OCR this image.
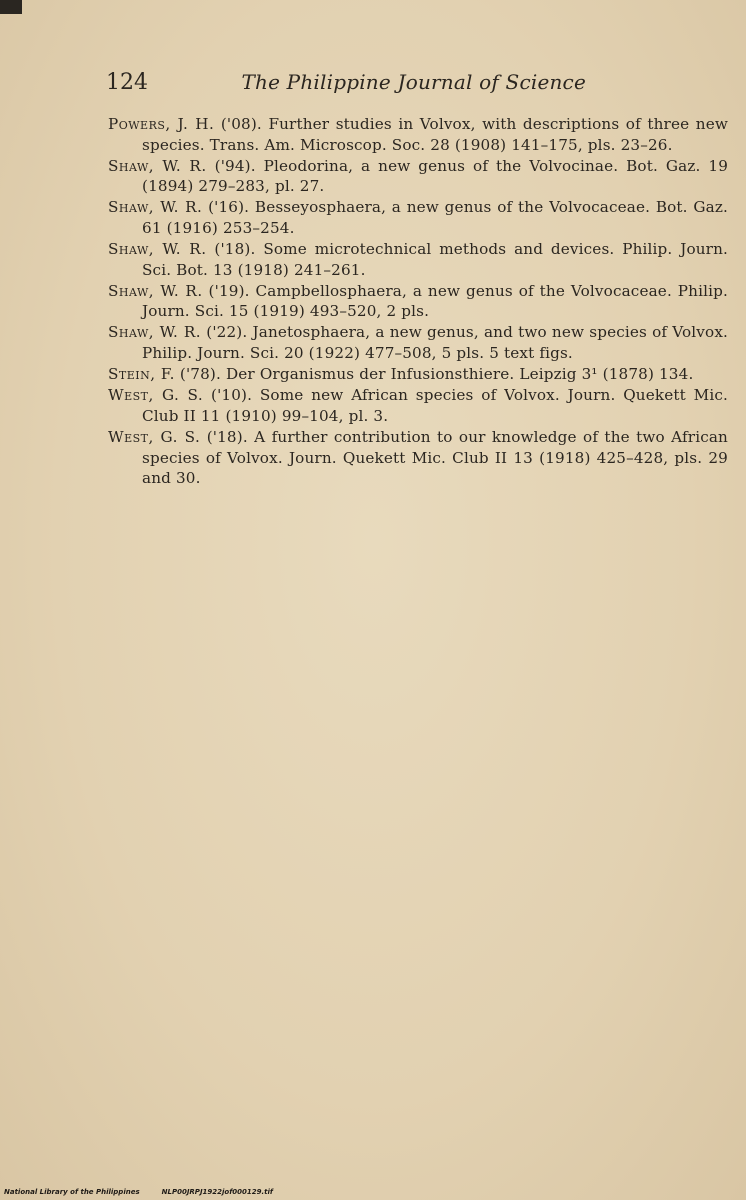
124	The Philippine Journal of Science

Powers, J. H. ('08). Further studies in Volvox, with descriptions of three new species. Trans. Am. Microscop. Soc. 28 (1908) 141–175, pls. 23–26.

Shaw, W. R. ('94). Pleodorina, a new genus of the Volvocinae. Bot. Gaz. 19 (1894) 279–283, pl. 27.

Shaw, W. R. ('16). Besseyosphaera, a new genus of the Volvocaceae. Bot. Gaz. 61 (1916) 253–254.

Shaw, W. R. ('18). Some microtechnical methods and devices. Philip. Journ. Sci. Bot. 13 (1918) 241–261.

Shaw, W. R. ('19). Campbellosphaera, a new genus of the Volvocaceae. Philip. Journ. Sci. 15 (1919) 493–520, 2 pls.

Shaw, W. R. ('22). Janetosphaera, a new genus, and two new species of Volvox. Philip. Journ. Sci. 20 (1922) 477–508, 5 pls. 5 text figs.

Stein, F. ('78). Der Organismus der Infusionsthiere. Leipzig 3¹ (1878) 134.

West, G. S. ('10). Some new African species of Volvox. Journ. Quekett Mic. Club II 11 (1910) 99–104, pl. 3.

West, G. S. ('18). A further contribution to our knowledge of the two African species of Volvox. Journ. Quekett Mic. Club II 13 (1918) 425–428, pls. 29 and 30.

National Library of the Philippines	NLP00JRPJ1922jof000129.tif
